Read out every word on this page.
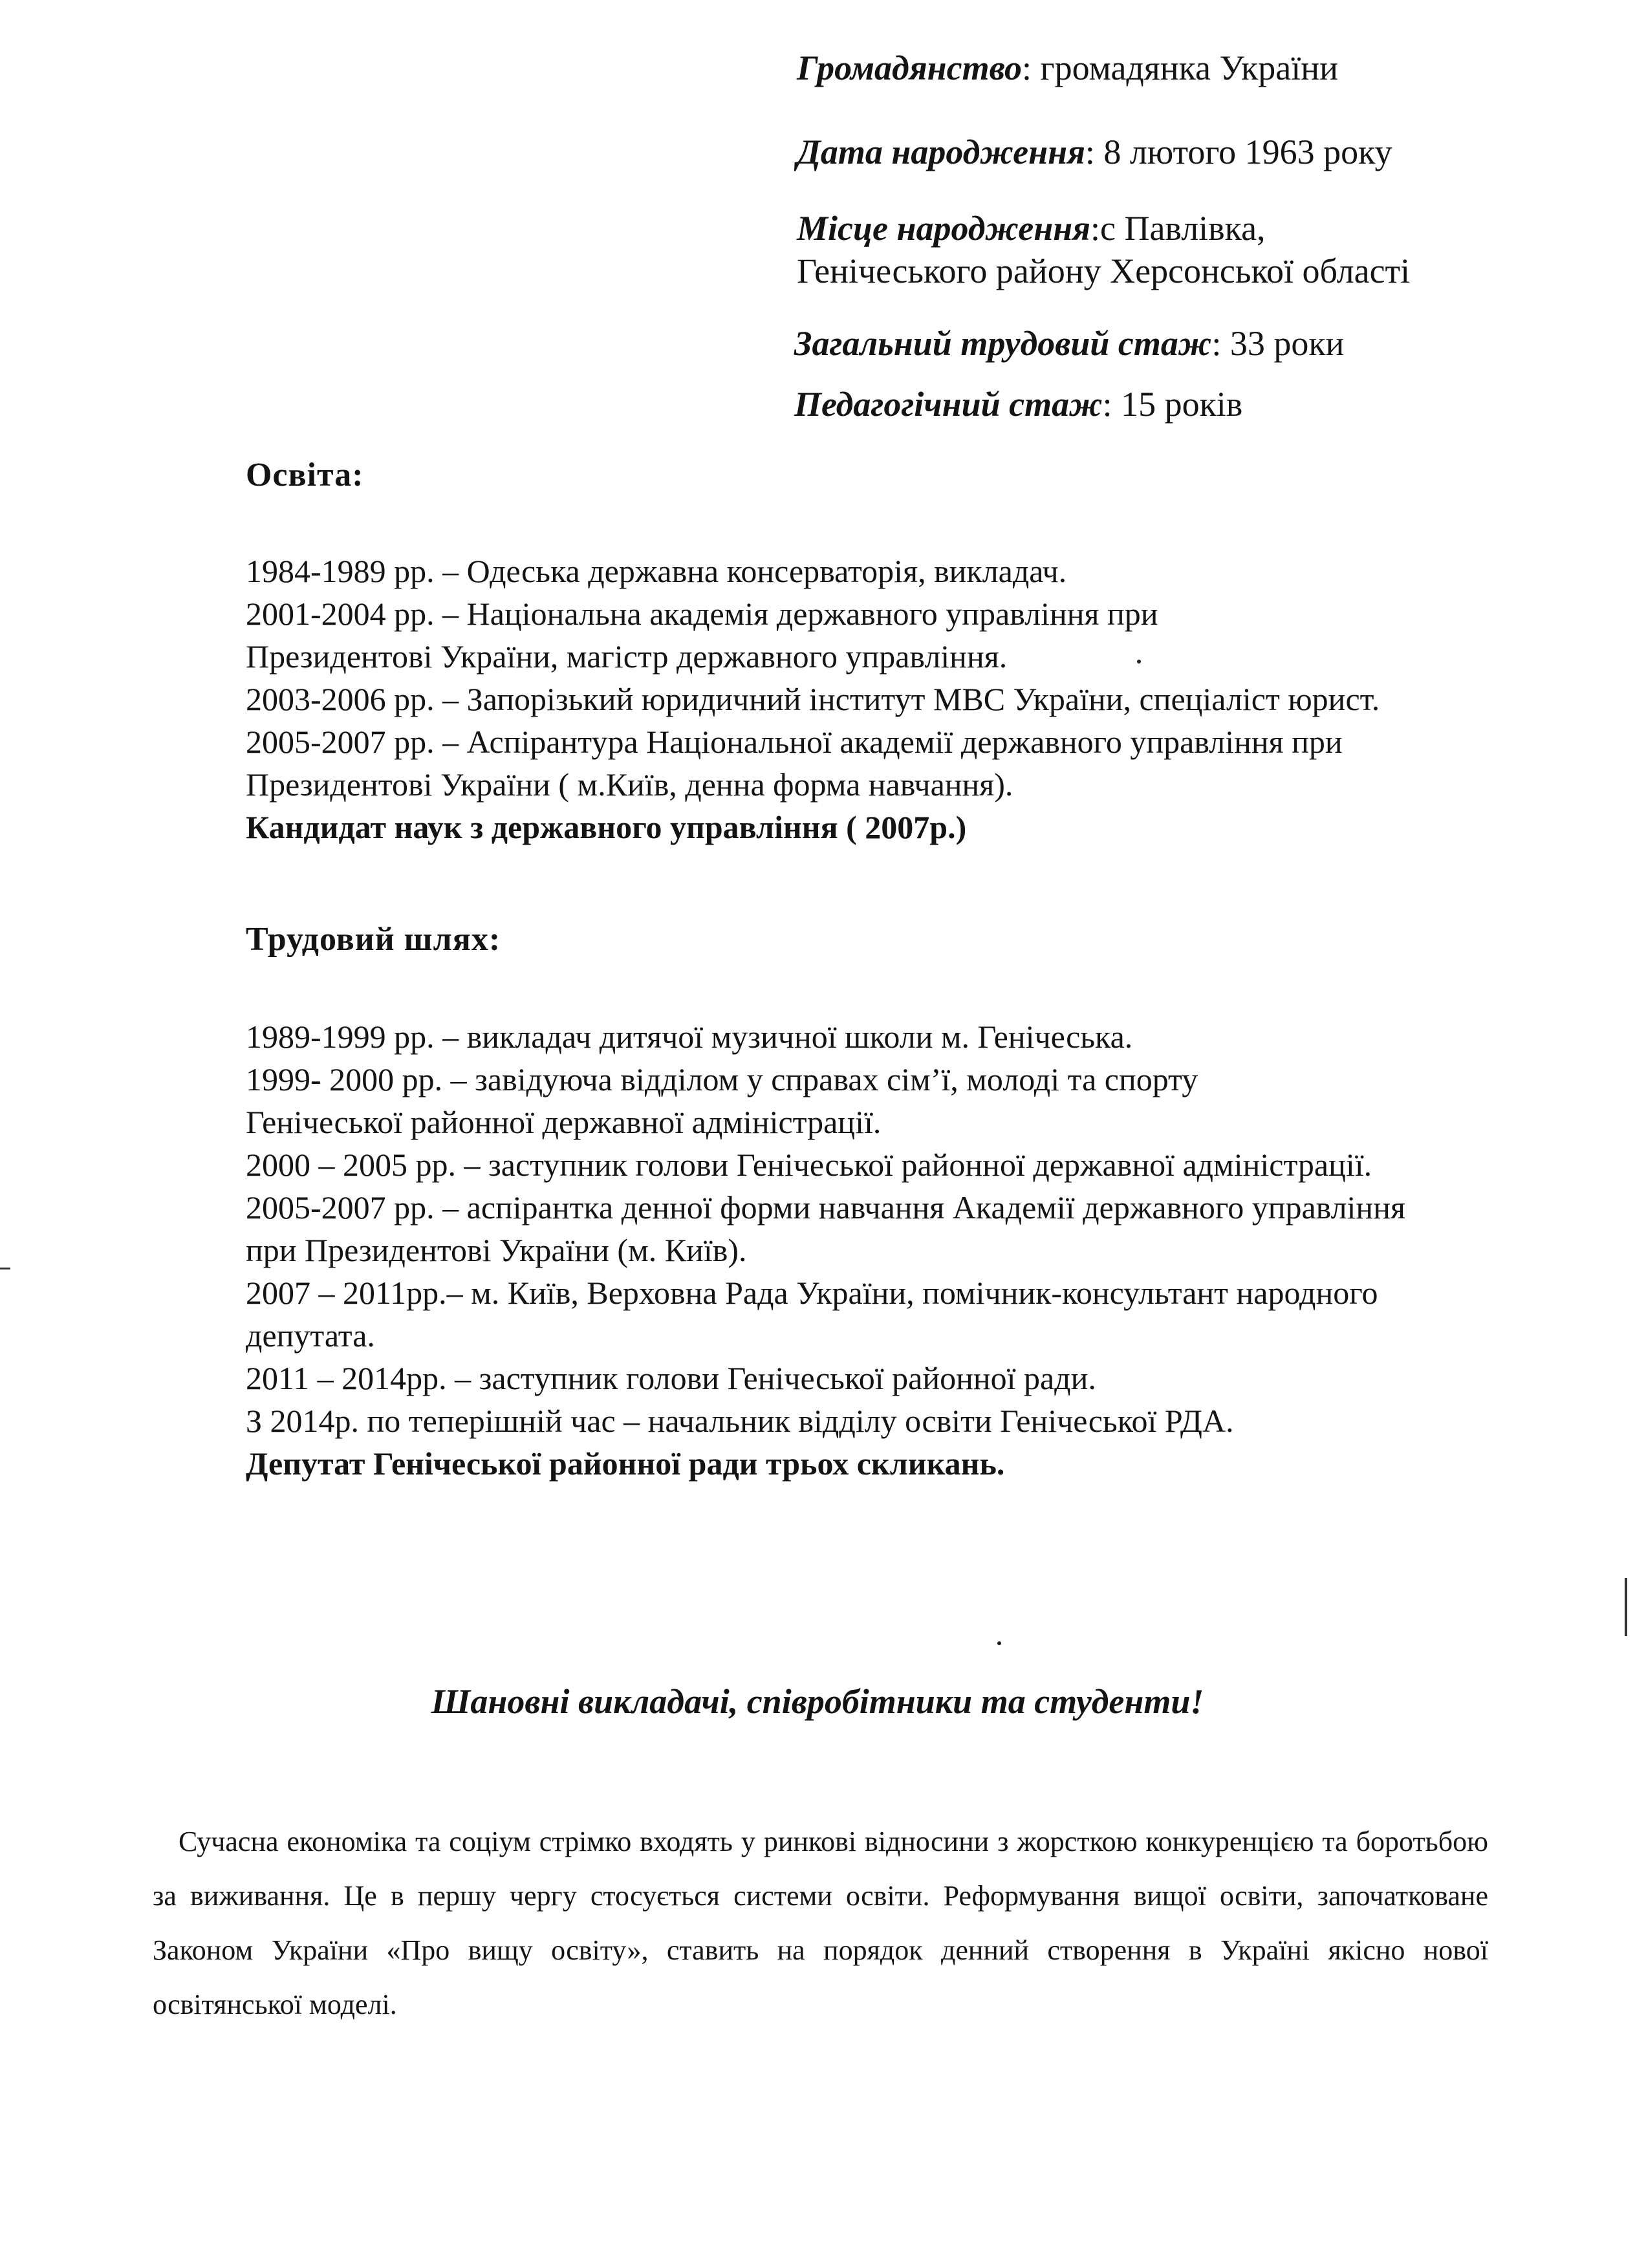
Громадянство: громадянка України
Дата народження: 8 лютого 1963 року
Місце народження:с Павлівка,
Генічеського району Херсонської області
Загальний трудовий стаж: 33 роки
Педагогічний стаж: 15 років

Освіта:

1984-1989 рр. – Одеська державна консерваторія, викладач.

2001-2004 рр. – Національна академія державного управління при

Президентові України, магістр державного управління.

2003-2006 рр. – Запорізький юридичний інститут МВС України, спеціаліст юрист.

2005-2007 рр. – Аспірантура Національної академії державного управління при

Президентові України ( м.Київ, денна форма навчання).

Кандидат наук з державного управління ( 2007р.)

Трудовий шлях:

1989-1999 рр. – викладач дитячої музичної школи м. Генічеська.

1999- 2000 рр. – завідуюча відділом у справах сім’ї, молоді та спорту

Генічеської районної державної адміністрації.

2000 – 2005 рр. – заступник голови Генічеської районної державної адміністрації.

2005-2007 рр. – аспірантка денної форми навчання Академії державного управління

при Президентові України (м. Київ).

2007 – 2011рр.– м. Київ, Верховна Рада України, помічник-консультант народного

депутата.

2011 – 2014рр. – заступник голови Генічеської районної ради.

З 2014р. по теперішній час – начальник відділу освіти Генічеської РДА.

Депутат Генічеської районної ради трьох скликань.

Шановні викладачі, співробітники та студенти!

Сучасна економіка та соціум стрімко входять у ринкові відносини з жорсткою конкуренцією та боротьбою за виживання. Це в першу чергу стосується системи освіти. Реформування вищої освіти, започатковане Законом України «Про вищу освіту», ставить на порядок денний створення в Україні якісно нової освітянської моделі.
